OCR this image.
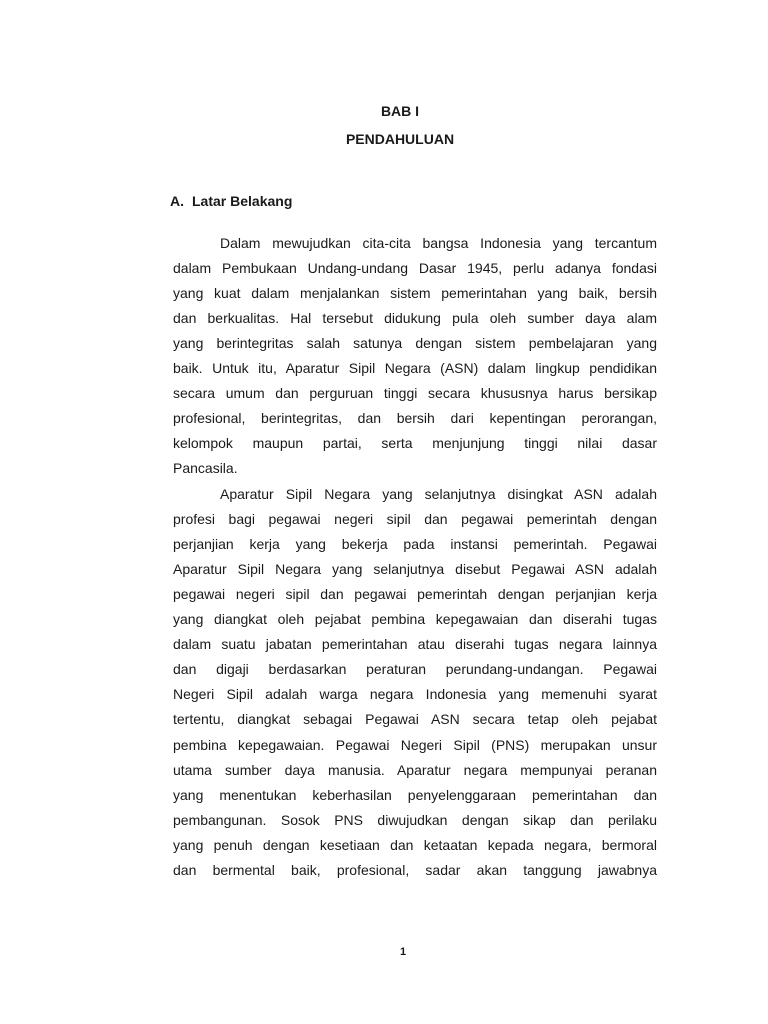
BAB I
PENDAHULUAN
A. Latar Belakang

Dalam mewujudkan cita-cita bangsa Indonesia yang tercantum

dalam Pembukaan Undang-undang Dasar 1945, perlu adanya fondasi

yang kuat dalam menjalankan sistem pemerintahan yang baik, bersih

dan berkualitas. Hal tersebut didukung pula oleh sumber daya alam

yang berintegritas salah satunya dengan sistem pembelajaran yang

baik. Untuk itu, Aparatur Sipil Negara (ASN) dalam lingkup pendidikan

secara umum dan perguruan tinggi secara khususnya harus bersikap

profesional, berintegritas, dan bersih dari kepentingan perorangan,

kelompok maupun partai, serta menjunjung tinggi nilai dasar

Pancasila.

Aparatur Sipil Negara yang selanjutnya disingkat ASN adalah

profesi bagi pegawai negeri sipil dan pegawai pemerintah dengan

perjanjian kerja yang bekerja pada instansi pemerintah. Pegawai

Aparatur Sipil Negara yang selanjutnya disebut Pegawai ASN adalah

pegawai negeri sipil dan pegawai pemerintah dengan perjanjian kerja

yang diangkat oleh pejabat pembina kepegawaian dan diserahi tugas

dalam suatu jabatan pemerintahan atau diserahi tugas negara lainnya

dan digaji berdasarkan peraturan perundang-undangan. Pegawai

Negeri Sipil adalah warga negara Indonesia yang memenuhi syarat

tertentu, diangkat sebagai Pegawai ASN secara tetap oleh pejabat

pembina kepegawaian. Pegawai Negeri Sipil (PNS) merupakan unsur

utama sumber daya manusia. Aparatur negara mempunyai peranan

yang menentukan keberhasilan penyelenggaraan pemerintahan dan

pembangunan. Sosok PNS diwujudkan dengan sikap dan perilaku

yang penuh dengan kesetiaan dan ketaatan kepada negara, bermoral

dan bermental baik, profesional, sadar akan tanggung jawabnya

1
